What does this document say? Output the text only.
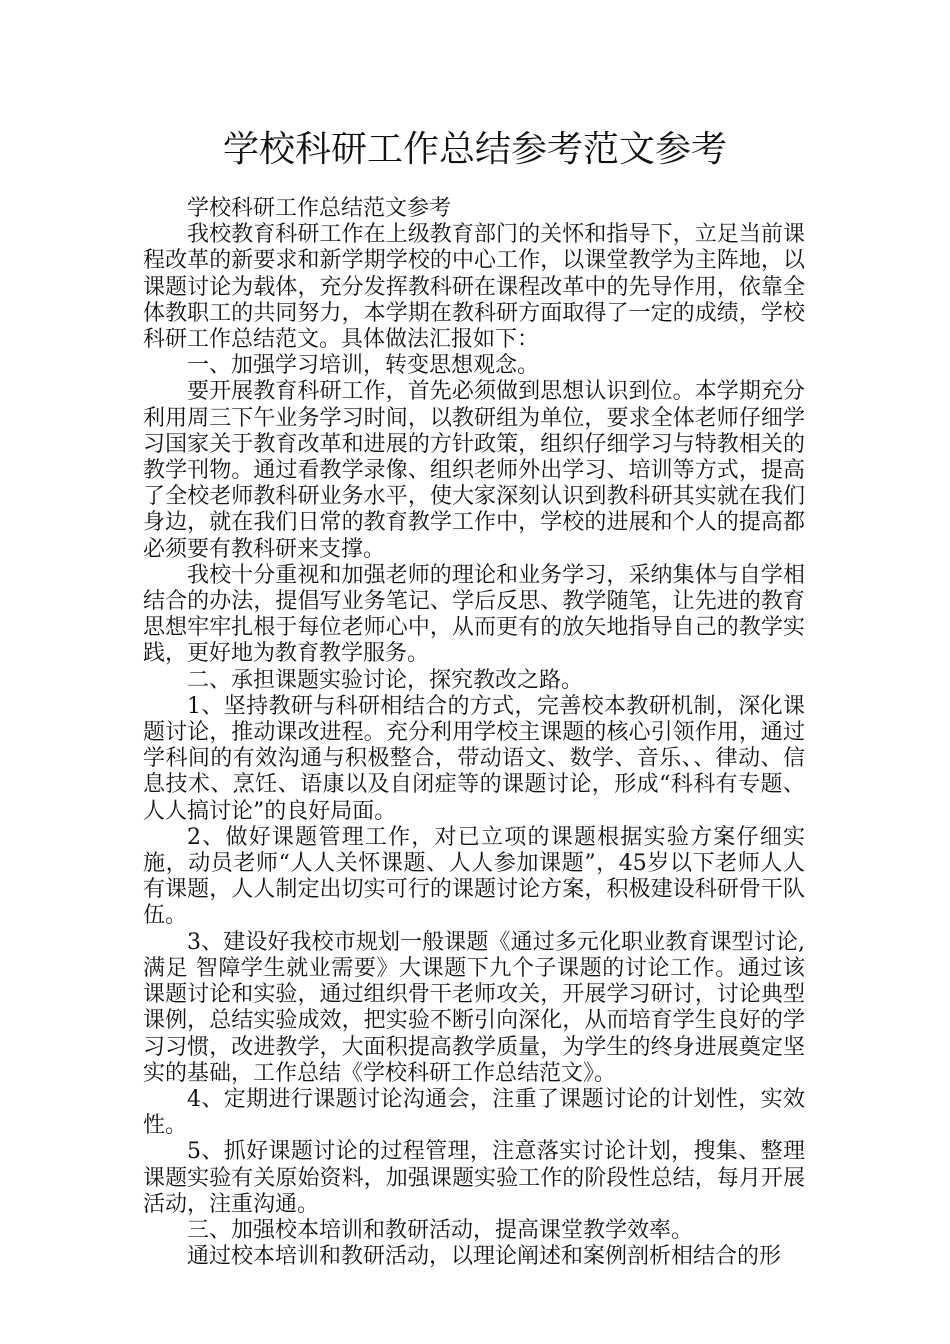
学校科研工作总结参考范文参考

学校科研工作总结范文参考

我校教育科研工作在上级教育部门的关怀和指导下，立足当前课程改革的新要求和新学期学校的中心工作，以课堂教学为主阵地，以课题讨论为载体，充分发挥教科研在课程改革中的先导作用，依靠全体教职工的共同努力，本学期在教科研方面取得了一定的成绩，学校科研工作总结范文。具体做法汇报如下：

一、加强学习培训，转变思想观念。

要开展教育科研工作，首先必须做到思想认识到位。本学期充分利用周三下午业务学习时间，以教研组为单位，要求全体老师仔细学习国家关于教育改革和进展的方针政策，组织仔细学习与特教相关的教学刊物。通过看教学录像、组织老师外出学习、培训等方式，提高了全校老师教科研业务水平，使大家深刻认识到教科研其实就在我们身边，就在我们日常的教育教学工作中，学校的进展和个人的提高都必须要有教科研来支撑。

我校十分重视和加强老师的理论和业务学习，采纳集体与自学相结合的办法，提倡写业务笔记、学后反思、教学随笔，让先进的教育思想牢牢扎根于每位老师心中，从而更有的放矢地指导自己的教学实践，更好地为教育教学服务。

二、承担课题实验讨论，探究教改之路。

1、坚持教研与科研相结合的方式，完善校本教研机制，深化课题讨论，推动课改进程。充分利用学校主课题的核心引领作用，通过学科间的有效沟通与积极整合，带动语文、数学、音乐、、律动、信息技术、烹饪、语康以及自闭症等的课题讨论，形成“科科有专题、人人搞讨论”的良好局面。

2、做好课题管理工作，对已立项的课题根据实验方案仔细实施，动员老师“人人关怀课题、人人参加课题”，45岁以下老师人人有课题，人人制定出切实可行的课题讨论方案，积极建设科研骨干队伍。

3、建设好我校市规划一般课题《通过多元化职业教育课型讨论,满足 智障学生就业需要》大课题下九个子课题的讨论工作。通过该课题讨论和实验，通过组织骨干老师攻关，开展学习研讨，讨论典型课例，总结实验成效，把实验不断引向深化，从而培育学生良好的学习习惯，改进教学，大面积提高教学质量，为学生的终身进展奠定坚实的基础，工作总结《学校科研工作总结范文》。

4、定期进行课题讨论沟通会，注重了课题讨论的计划性，实效性。

5、抓好课题讨论的过程管理，注意落实讨论计划，搜集、整理课题实验有关原始资料，加强课题实验工作的阶段性总结，每月开展活动，注重沟通。

三、加强校本培训和教研活动，提高课堂教学效率。

通过校本培训和教研活动，以理论阐述和案例剖析相结合的形
